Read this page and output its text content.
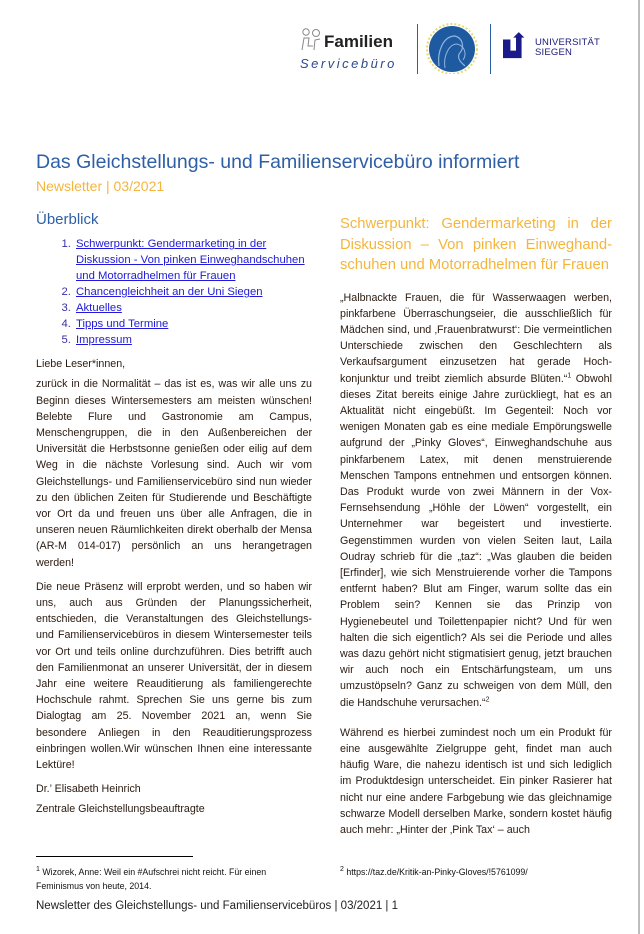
Familien
Servicebüro
UNIVERSITÄT
SIEGEN
Das Gleichstellungs- und Familienservicebüro informiert
Newsletter | 03/2021
Überblick
1. Schwerpunkt: Gendermarketing in der Diskussion - Von pinken Einweghandschuhen und Motorradhelmen für Frauen
2. Chancengleichheit an der Uni Siegen
3. Aktuelles
4. Tipps und Termine
5. Impressum

Liebe Leser*innen,

zurück in die Normalität – das ist es, was wir alle uns zu Beginn dieses Wintersemesters am meisten wünschen! Belebte Flure und Gastronomie am Campus, Menschengruppen, die in den Außenbereichen der Universität die Herbstsonne genießen oder eilig auf dem Weg in die nächste Vorlesung sind. Auch wir vom Gleichstellungs- und Familienservicebüro sind nun wieder zu den üblichen Zeiten für Studierende und Beschäftigte vor Ort da und freuen uns über alle Anfragen, die in unseren neuen Räumlichkeiten direkt oberhalb der Mensa (AR-M 014-017) persönlich an uns herangetragen werden!

Die neue Präsenz will erprobt werden, und so haben wir uns, auch aus Gründen der Planungssicherheit, entschieden, die Veranstaltungen des Gleichstellungs- und Familienservicebüros in diesem Wintersemester teils vor Ort und teils online durchzuführen. Dies betrifft auch den Familienmonat an unserer Universität, der in diesem Jahr eine weitere Reauditierung als familiengerechte Hochschule rahmt. Sprechen Sie uns gerne bis zum Dialogtag am 25. November 2021 an, wenn Sie besondere Anliegen in den Reauditierungsprozess einbringen wollen.Wir wünschen Ihnen eine interessante Lektüre!

Dr.’ Elisabeth Heinrich

Zentrale Gleichstellungsbeauftragte

Schwerpunkt: Gendermarketing in der Diskussion – Von pinken Einweghandschuhen und Motorradhelmen für Frauen

„Halbnackte Frauen, die für Wasserwaagen werben, pinkfarbene Überraschungseier, die ausschließlich für Mädchen sind, und ‚Frauenbratwurst‘: Die vermeintlichen Unterschiede zwischen den Geschlechtern als Verkaufsargument einzusetzen hat gerade Hochkonjunktur und treibt ziemlich absurde Blüten.“$^1$ Obwohl dieses Zitat bereits einige Jahre zurückliegt, hat es an Aktualität nicht eingebüßt. Im Gegenteil: Noch vor wenigen Monaten gab es eine mediale Empörungswelle aufgrund der „Pinky Gloves“, Einweghandschuhe aus pinkfarbenem Latex, mit denen menstruierende Menschen Tampons entnehmen und entsorgen können. Das Produkt wurde von zwei Männern in der Vox-Fernsehsendung „Höhle der Löwen“ vorgestellt, ein Unternehmer war begeistert und investierte. Gegenstimmen wurden von vielen Seiten laut, Laila Oudray schrieb für die „taz“: „Was glauben die beiden [Erfinder], wie sich Menstruierende vorher die Tampons entfernt haben? Blut am Finger, warum sollte das ein Problem sein? Kennen sie das Prinzip von Hygienebeutel und Toilettenpapier nicht? Und für wen halten die sich eigentlich? Als sei die Periode und alles was dazu gehört nicht stigmatisiert genug, jetzt brauchen wir auch noch ein Entschärfungsteam, um uns umzustöpseln? Ganz zu schweigen von dem Müll, den die Handschuhe verursachen.“$^2$

Während es hierbei zumindest noch um ein Produkt für eine ausgewählte Zielgruppe geht, findet man auch häufig Ware, die nahezu identisch ist und sich lediglich im Produktdesign unterscheidet. Ein pinker Rasierer hat nicht nur eine andere Farbgebung wie das gleichnamige schwarze Modell derselben Marke, sondern kostet häufig auch mehr: „Hinter der ‚Pink Tax‘ – auch

$^1$ Wizorek, Anne: Weil ein #Aufschrei nicht reicht. Für einen Feminismus von heute, 2014.
$^2$ https://taz.de/Kritik-an-Pinky-Gloves/!5761099/
Newsletter des Gleichstellungs- und Familienservicebüros | 03/2021 | 1
